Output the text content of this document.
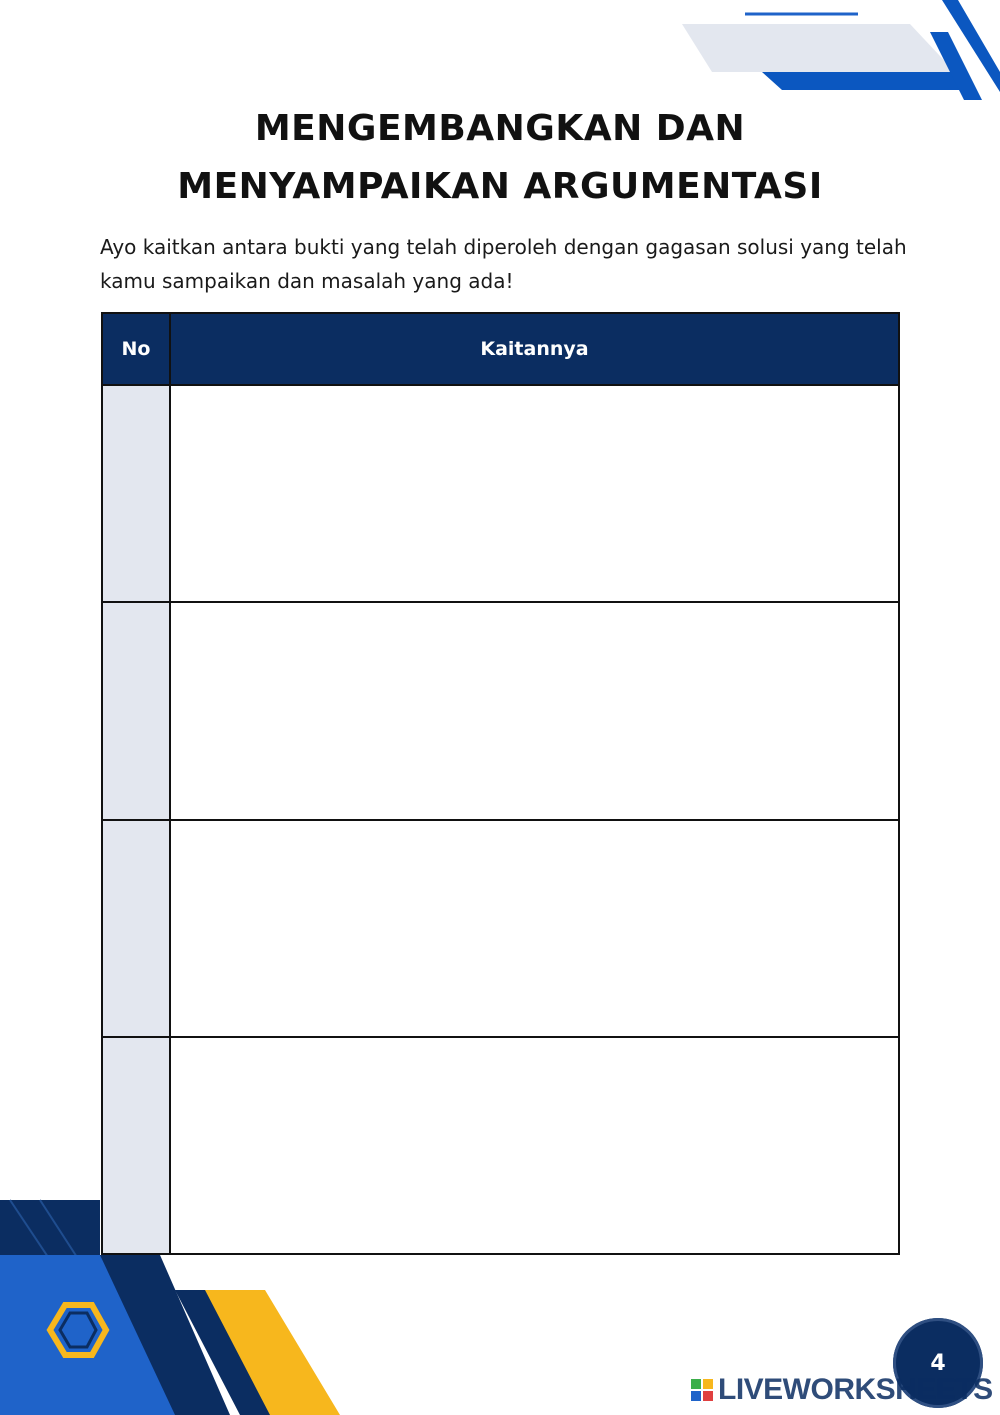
MENGEMBANGKAN DAN
MENYAMPAIKAN ARGUMENTASI
Ayo kaitkan antara bukti yang telah diperoleh dengan gagasan solusi yang telah kamu sampaikan dan masalah yang ada!
No	Kaitannya

4
LIVEWORKSHEETS
